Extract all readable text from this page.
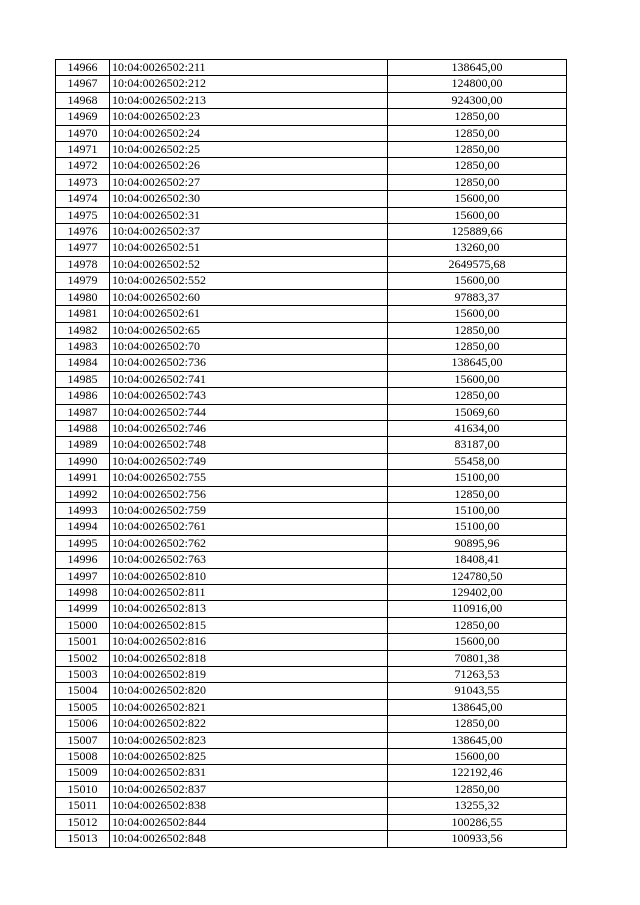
14966	10:04:0026502:211	138645,00
14967	10:04:0026502:212	124800,00
14968	10:04:0026502:213	924300,00
14969	10:04:0026502:23	12850,00
14970	10:04:0026502:24	12850,00
14971	10:04:0026502:25	12850,00
14972	10:04:0026502:26	12850,00
14973	10:04:0026502:27	12850,00
14974	10:04:0026502:30	15600,00
14975	10:04:0026502:31	15600,00
14976	10:04:0026502:37	125889,66
14977	10:04:0026502:51	13260,00
14978	10:04:0026502:52	2649575,68
14979	10:04:0026502:552	15600,00
14980	10:04:0026502:60	97883,37
14981	10:04:0026502:61	15600,00
14982	10:04:0026502:65	12850,00
14983	10:04:0026502:70	12850,00
14984	10:04:0026502:736	138645,00
14985	10:04:0026502:741	15600,00
14986	10:04:0026502:743	12850,00
14987	10:04:0026502:744	15069,60
14988	10:04:0026502:746	41634,00
14989	10:04:0026502:748	83187,00
14990	10:04:0026502:749	55458,00
14991	10:04:0026502:755	15100,00
14992	10:04:0026502:756	12850,00
14993	10:04:0026502:759	15100,00
14994	10:04:0026502:761	15100,00
14995	10:04:0026502:762	90895,96
14996	10:04:0026502:763	18408,41
14997	10:04:0026502:810	124780,50
14998	10:04:0026502:811	129402,00
14999	10:04:0026502:813	110916,00
15000	10:04:0026502:815	12850,00
15001	10:04:0026502:816	15600,00
15002	10:04:0026502:818	70801,38
15003	10:04:0026502:819	71263,53
15004	10:04:0026502:820	91043,55
15005	10:04:0026502:821	138645,00
15006	10:04:0026502:822	12850,00
15007	10:04:0026502:823	138645,00
15008	10:04:0026502:825	15600,00
15009	10:04:0026502:831	122192,46
15010	10:04:0026502:837	12850,00
15011	10:04:0026502:838	13255,32
15012	10:04:0026502:844	100286,55
15013	10:04:0026502:848	100933,56
